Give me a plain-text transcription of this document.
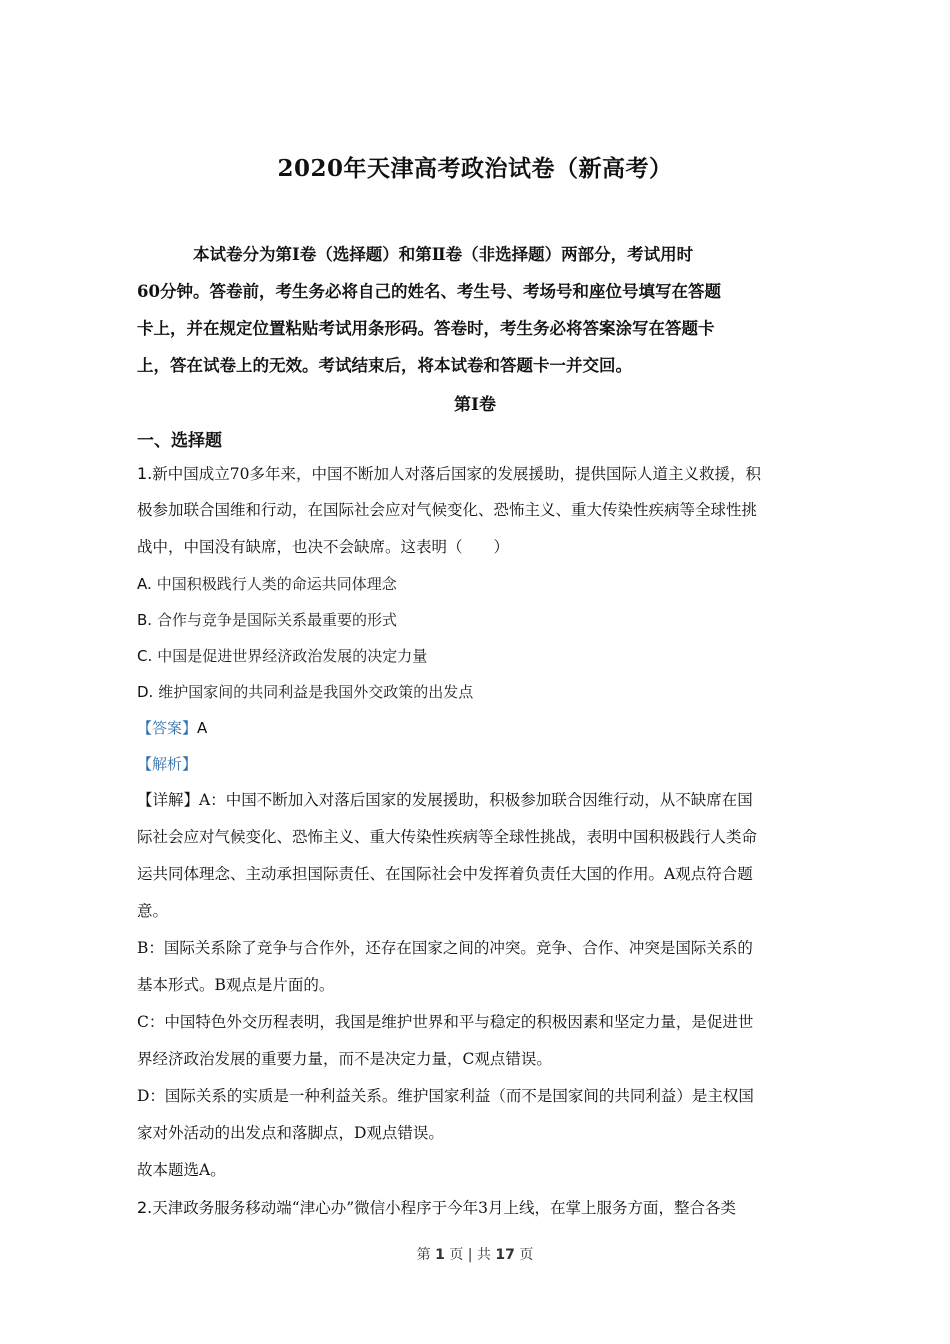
2020年天津高考政治试卷（新高考）
本试卷分为第Ⅰ卷（选择题）和第Ⅱ卷（非选择题）两部分，考试用时
60分钟。答卷前，考生务必将自己的姓名、考生号、考场号和座位号填写在答题
卡上，并在规定位置粘贴考试用条形码。答卷时，考生务必将答案涂写在答题卡
上，答在试卷上的无效。考试结束后，将本试卷和答题卡一并交回。
第Ⅰ卷
一、选择题
1.新中国成立70多年来，中国不断加人对落后国家的发展援助，提供国际人道主义救援，积
极参加联合国维和行动，在国际社会应对气候变化、恐怖主义、重大传染性疾病等全球性挑
战中，中国没有缺席，也决不会缺席。这表明（　　）
A. 中国积极践行人类的命运共同体理念
B. 合作与竞争是国际关系最重要的形式
C. 中国是促进世界经济政治发展的决定力量
D. 维护国家间的共同利益是我国外交政策的出发点
【答案】A
【解析】
【详解】A：中国不断加入对落后国家的发展援助，积极参加联合因维行动，从不缺席在国
际社会应对气候变化、恐怖主义、重大传染性疾病等全球性挑战，表明中国积极践行人类命
运共同体理念、主动承担国际责任、在国际社会中发挥着负责任大国的作用。A观点符合题
意。
B：国际关系除了竞争与合作外，还存在国家之间的冲突。竞争、合作、冲突是国际关系的
基本形式。B观点是片面的。
C：中国特色外交历程表明，我国是维护世界和平与稳定的积极因素和坚定力量，是促进世
界经济政治发展的重要力量，而不是决定力量，C观点错误。
D：国际关系的实质是一种利益关系。维护国家利益（而不是国家间的共同利益）是主权国
家对外活动的出发点和落脚点，D观点错误。
故本题选A。
2.天津政务服务移动端“津心办”微信小程序于今年3月上线，在掌上服务方面，整合各类
第 1 页 | 共 17 页
